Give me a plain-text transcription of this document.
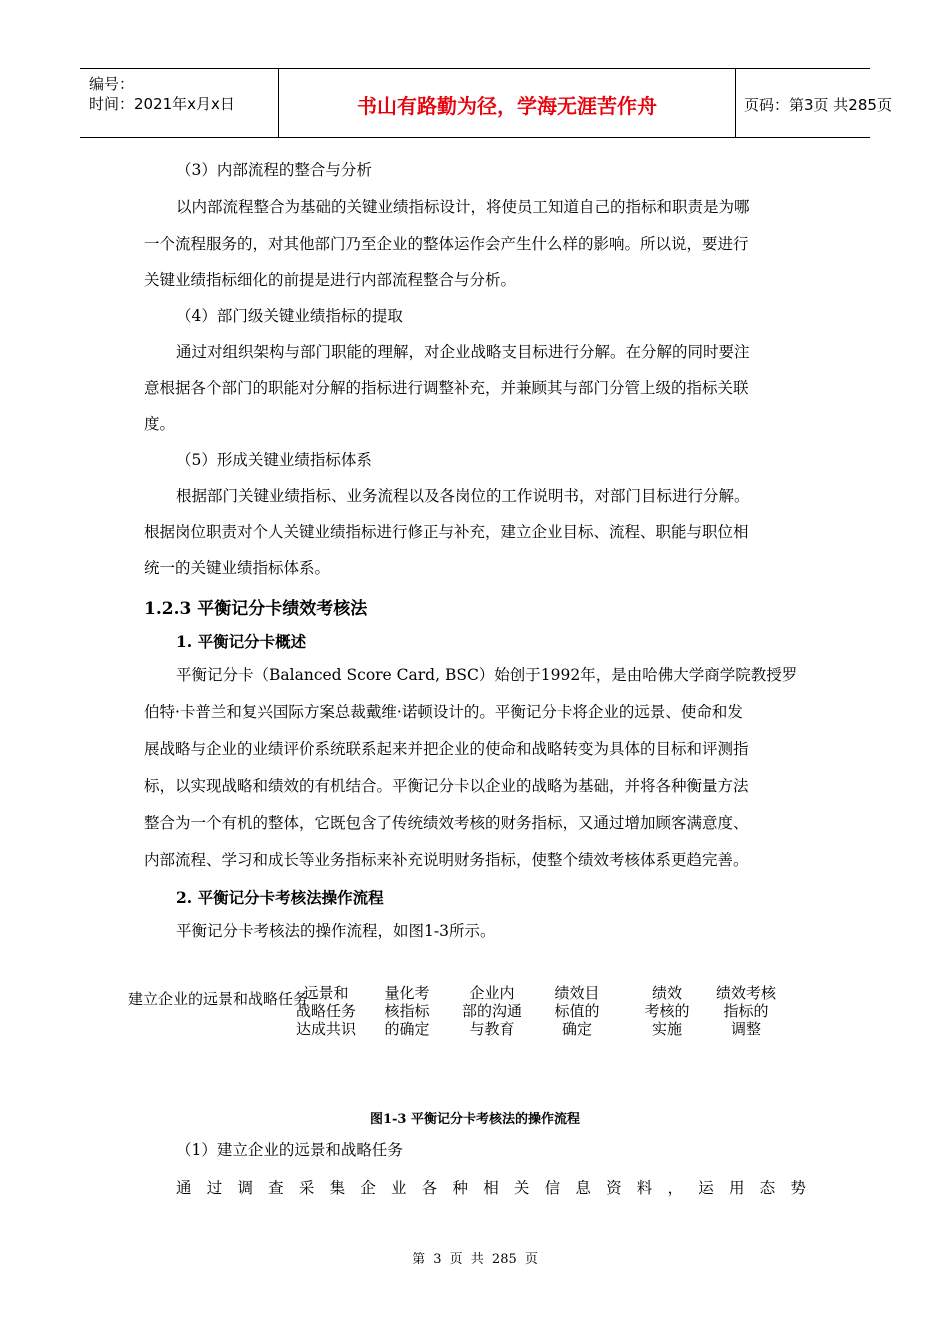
编号：
时间：2021年x月x日	书山有路勤为径，学海无涯苦作舟	页码：第3页 共285页
（3）内部流程的整合与分析
以内部流程整合为基础的关键业绩指标设计，将使员工知道自己的指标和职责是为哪
一个流程服务的，对其他部门乃至企业的整体运作会产生什么样的影响。所以说，要进行
关键业绩指标细化的前提是进行内部流程整合与分析。
（4）部门级关键业绩指标的提取
通过对组织架构与部门职能的理解，对企业战略支目标进行分解。在分解的同时要注
意根据各个部门的职能对分解的指标进行调整补充，并兼顾其与部门分管上级的指标关联
度。
（5）形成关键业绩指标体系
根据部门关键业绩指标、业务流程以及各岗位的工作说明书，对部门目标进行分解。
根据岗位职责对个人关键业绩指标进行修正与补充，建立企业目标、流程、职能与职位相
统一的关键业绩指标体系。
1.2.3 平衡记分卡绩效考核法
1. 平衡记分卡概述
平衡记分卡（Balanced Score Card, BSC）始创于1992年，是由哈佛大学商学院教授罗
伯特·卡普兰和复兴国际方案总裁戴维·诺顿设计的。平衡记分卡将企业的远景、使命和发
展战略与企业的业绩评价系统联系起来并把企业的使命和战略转变为具体的目标和评测指
标，以实现战略和绩效的有机结合。平衡记分卡以企业的战略为基础，并将各种衡量方法
整合为一个有机的整体，它既包含了传统绩效考核的财务指标，又通过增加顾客满意度、
内部流程、学习和成长等业务指标来补充说明财务指标，使整个绩效考核体系更趋完善。
2. 平衡记分卡考核法操作流程
平衡记分卡考核法的操作流程，如图1-3所示。
远景和
战略任务
达成共识
量化考
核指标
的确定
企业内
部的沟通
与教育
绩效目
标值的
确定
绩效
考核的
实施
绩效考核
指标的
调整
建立企业的远景和战略任务
图1-3 平衡记分卡考核法的操作流程
（1）建立企业的远景和战略任务
通 过 调 查 采 集 企 业 各 种 相 关 信 息 资 料 ， 运 用 态 势
第 3 页 共 285 页
